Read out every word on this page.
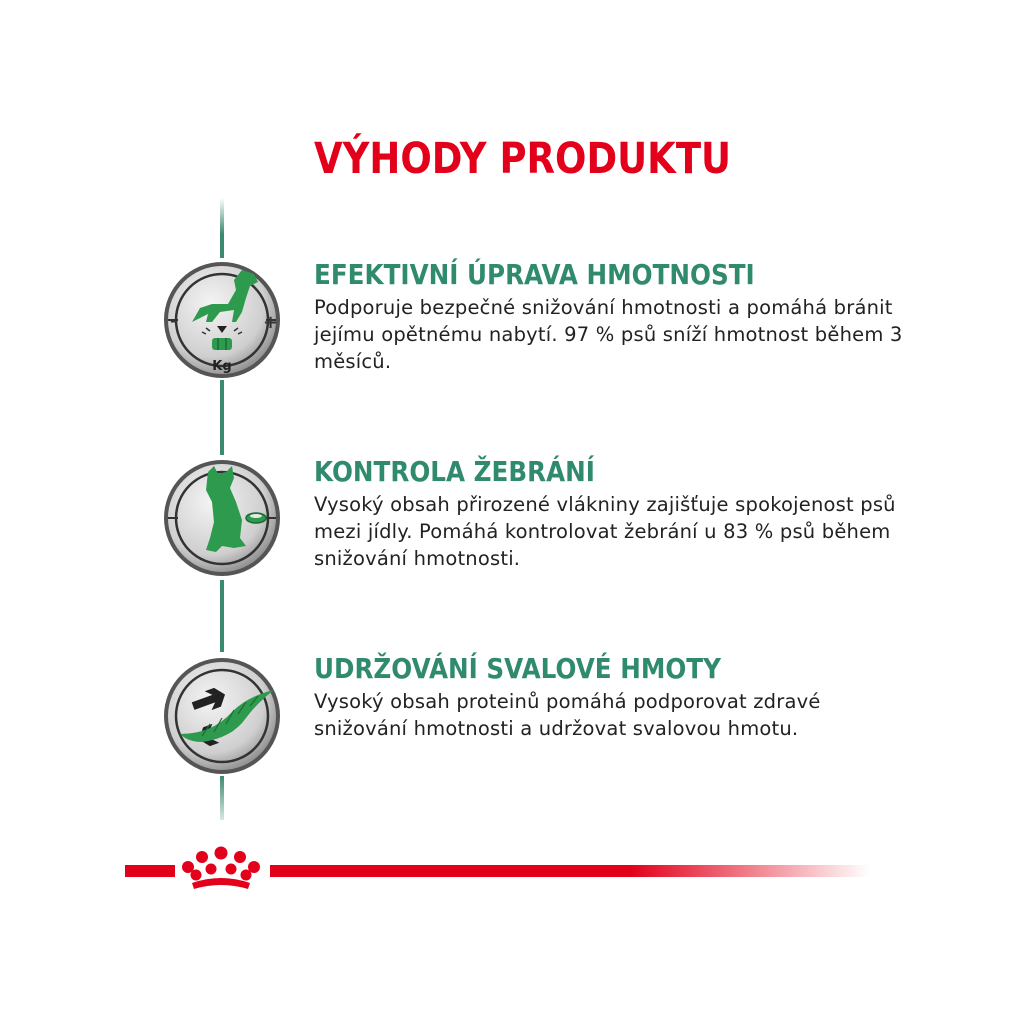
VÝHODY PRODUKTU
–	+
Kg
EFEKTIVNÍ ÚPRAVA HMOTNOSTI

Podporuje bezpečné snižování hmotnosti a pomáhá bránit jejímu opětnému nabytí. 97 % psů sníží hmotnost během 3 měsíců.

KONTROLA ŽEBRÁNÍ

Vysoký obsah přirozené vlákniny zajišťuje spokojenost psů mezi jídly. Pomáhá kontrolovat žebrání u 83 % psů během snižování hmotnosti.

UDRŽOVÁNÍ SVALOVÉ HMOTY

Vysoký obsah proteinů pomáhá podporovat zdravé snižování hmotnosti a udržovat svalovou hmotu.
